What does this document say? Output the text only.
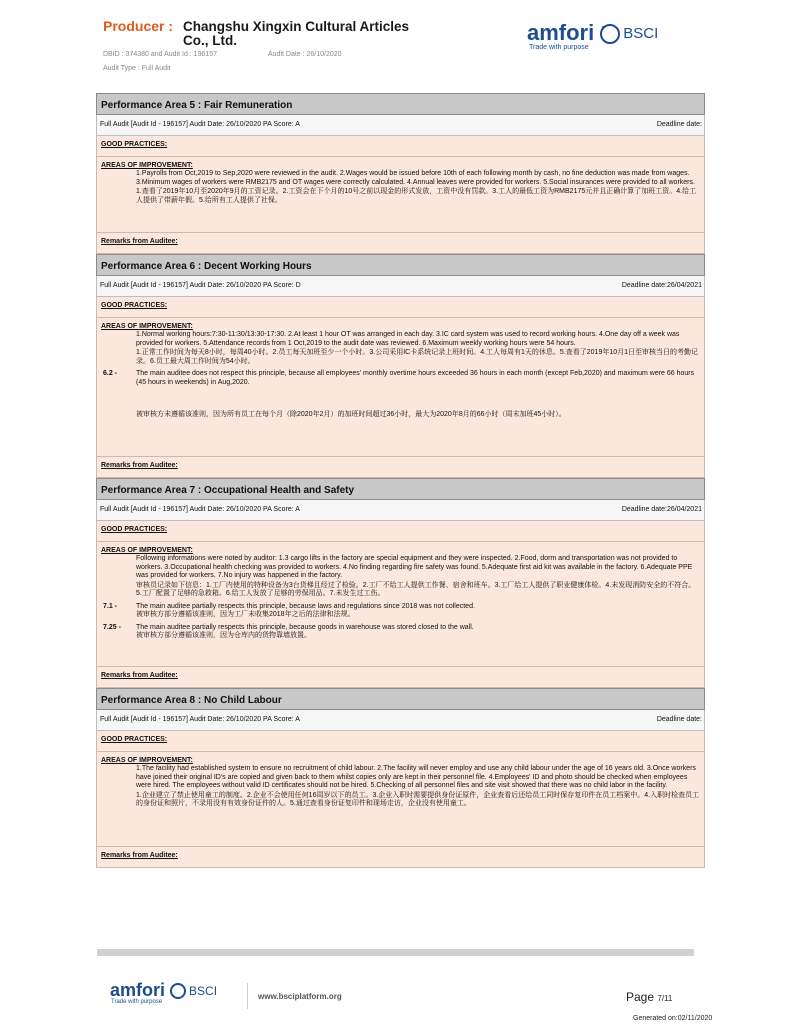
Producer : Changshu Xingxin Cultural Articles Co., Ltd.
DBID : 374380 and Audit Id : 196157	Audit Date : 26/10/2020
Audit Type : Full Audit
amfori
Trade with purpose
BSCI
Performance Area 5 : Fair Remuneration
Full Audit [Audit Id - 196157] Audit Date: 26/10/2020 PA Score: A	Deadline date:
GOOD PRACTICES:
AREAS OF IMPROVEMENT:
1.Payrolls from Oct,2019 to Sep,2020 were reviewed in the audit. 2.Wages would be issued before 10th of each following month by cash, no fine deduction was made from wages. 3.Minimum wages of workers were RMB2175 and OT wages were correctly calculated. 4.Annual leaves were provided for workers. 5.Social insurances were provided to all workers.
1.查看了2019年10月至2020年9月的工资记录。2.工资会在下个月的10号之前以现金的形式发放，工资中没有罚款。3.工人的最低工资为RMB2175元并且正确计算了加班工资。4.给工人提供了带薪年假。5.给所有工人提供了社保。
Remarks from Auditee:
Performance Area 6 : Decent Working Hours
Full Audit [Audit Id - 196157] Audit Date: 26/10/2020 PA Score: D	Deadline date:26/04/2021
GOOD PRACTICES:
AREAS OF IMPROVEMENT:
1.Normal working hours:7:30-11:30/13:30-17:30. 2.At least 1 hour OT was arranged in each day. 3.IC card system was used to record working hours. 4.One day off a week was provided for workers. 5.Attendance records from 1 Oct,2019 to the audit date was reviewed. 6.Maximum weekly working hours were 54 hours.
1.正常工作时间为每天8小时，每周40小时。2.员工每天加班至少一个小时。3.公司采用IC卡系统记录上班时间。4.工人每周有1天的休息。5.查看了2019年10月1日至审核当日的考勤记录。6.员工最大周工作时间为54小时。
6.2 -	The main auditee does not respect this principle, because all employees' monthly overtime hours exceeded 36 hours in each month (except Feb,2020) and maximum were 66 hours (45 hours in weekends) in Aug,2020.
被审核方未遵循该准则，因为所有员工在每个月（除2020年2月）的加班时间超过36小时，最大为2020年8月的66小时（周末加班45小时）。
Remarks from Auditee:
Performance Area 7 : Occupational Health and Safety
Full Audit [Audit Id - 196157] Audit Date: 26/10/2020 PA Score: A	Deadline date:26/04/2021
GOOD PRACTICES:
AREAS OF IMPROVEMENT:
Following informations were noted by auditor: 1.3 cargo lifts in the factory are special equipment and they were inspected. 2.Food, dorm and transportation was not provided to workers. 3.Occupational health checking was provided to workers. 4.No finding regarding fire safety was found. 5.Adequate first aid kit was available in the factory. 6.Adequate PPE was provided for workers. 7.No injury was happened in the factory.
审核员记录如下信息：1.工厂内使用的特种设备为3台货梯且经过了检验。2.工厂不给工人提供工作餐、宿舍和班车。3.工厂给工人提供了职业健康体检。4.未发现消防安全的不符合。5.工厂配置了足够的急救箱。6.给工人发放了足够的劳保用品。7.未发生过工伤。
7.1 -	The main auditee partially respects this principle, because laws and regulations since 2018 was not collected.
被审核方部分遵循该准则，因为工厂未收集2018年之后的法律和法规。
7.25 -	The main auditee partially respects this principle, because goods in warehouse was stored closed to the wall.
被审核方部分遵循该准则，因为仓库内的货物靠墙放置。
Remarks from Auditee:
Performance Area 8 : No Child Labour
Full Audit [Audit Id - 196157] Audit Date: 26/10/2020 PA Score: A	Deadline date:
GOOD PRACTICES:
AREAS OF IMPROVEMENT:
1.The facility had established system to ensure no recruitment of child labour. 2.The facility will never employ and use any child labour under the age of 16 years old. 3.Once workers have joined their original ID's are copied and given back to them whilst copies only are kept in their personnel file. 4.Employees' ID and photo should be checked when employees were hired. The employees without valid ID certificates should not be hired. 5.Checking of all personnel files and site visit showed that there was no child labor in the facility.
1.企业建立了禁止使用童工的制度。2.企业不会使用任何16周岁以下的员工。3.企业入职时需要提供身份证原件，企业查看后还给员工同时保存复印件在员工档案中。4.入职时检查员工的身份证和照片，不录用没有有效身份证件的人。5.通过查看身份证复印件和现场走访，企业没有使用童工。
Remarks from Auditee:
amfori
Trade with purpose
BSCI	www.bsciplatform.org	Page 7/11
Generated on:02/11/2020
